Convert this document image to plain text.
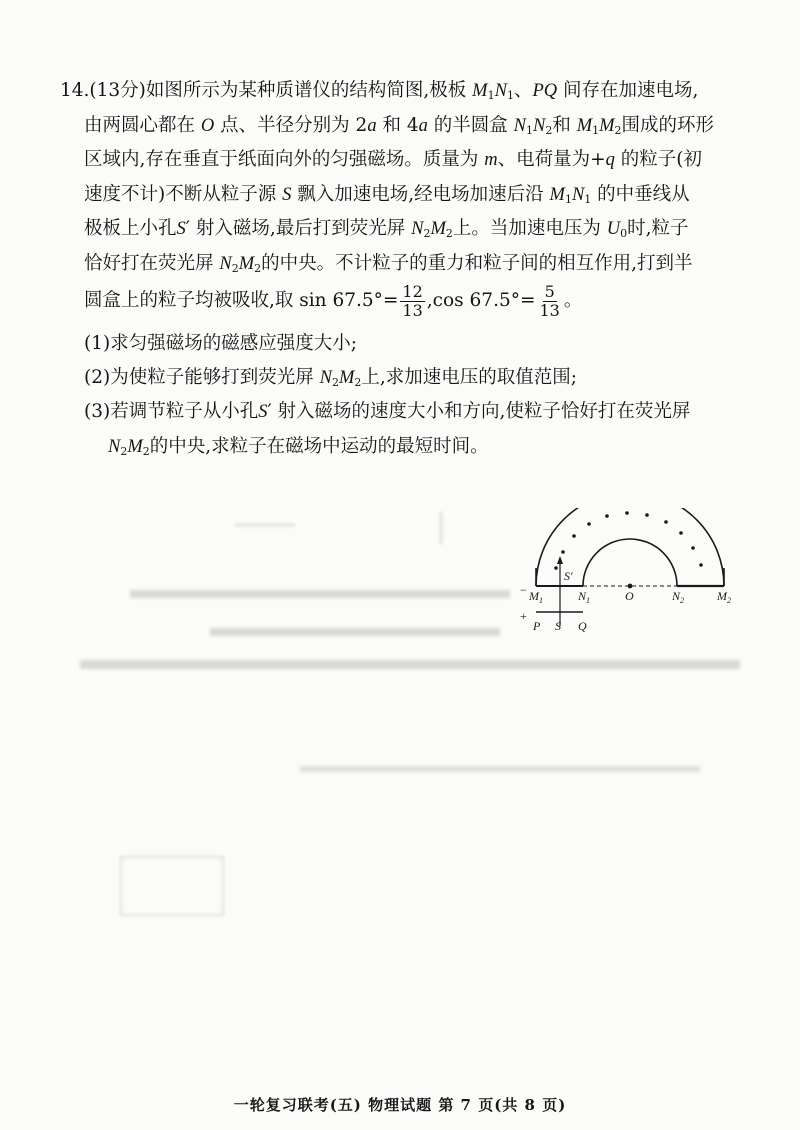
14.(13分)如图所示为某种质谱仪的结构简图,极板 $M_1N_1$、PQ 间存在加速电场,
由两圆心都在 O 点、半径分别为 2a 和 4a 的半圆盒 $N_1N_2$和 $M_1M_2$围成的环形
区域内,存在垂直于纸面向外的匀强磁场。质量为 m、电荷量为+q 的粒子(初
速度不计)不断从粒子源 S 飘入加速电场,经电场加速后沿 $M_1N_1$ 的中垂线从
极板上小孔S′ 射入磁场,最后打到荧光屏 $N_2M_2$上。当加速电压为 $U_0$时,粒子
恰好打在荧光屏 $N_2M_2$的中央。不计粒子的重力和粒子间的相互作用,打到半
圆盒上的粒子均被吸收,取 $\sin 67.5^\circ= \frac{12}{13} ,\cos$ $67.5^\circ= \frac{5}{13}$ 。
(1)求匀强磁场的磁感应强度大小;
(2)为使粒子能够打到荧光屏 $N_2M_2$上,求加速电压的取值范围;
(3)若调节粒子从小孔S′ 射入磁场的速度大小和方向,使粒子恰好打在荧光屏
$N_2M_2$的中央,求粒子在磁场中运动的最短时间。
− $M_1$
S′
$N_1$	O	$N_2$	$M_2$
+
P S Q
一轮复习联考(五) 物理试题 第 7 页(共 8 页)
